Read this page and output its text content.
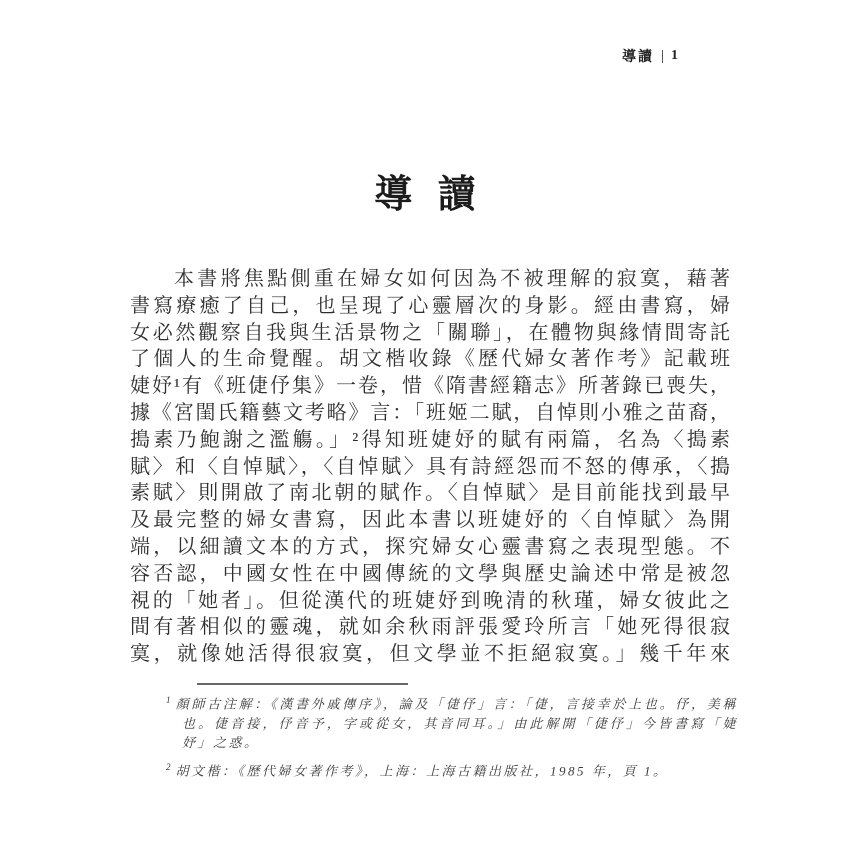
導讀 1
導 讀
本書將焦點側重在婦女如何因為不被理解的寂寞，藉著
書寫療癒了自己，也呈現了心靈層次的身影。經由書寫，婦
女必然觀察自我與生活景物之「關聯」，在體物與緣情間寄託
了個人的生命覺醒。胡文楷收錄《歷代婦女著作考》記載班
婕妤¹有《班倢伃集》一卷，惜《隋書經籍志》所著錄已喪失，
據《宮閨氏籍藝文考略》言：「班姬二賦，自悼則小雅之苗裔，
搗素乃鮑謝之濫觴。」²得知班婕妤的賦有兩篇，名為〈搗素
賦〉和〈自悼賦〉，〈自悼賦〉具有詩經怨而不怒的傳承，〈搗
素賦〉則開啟了南北朝的賦作。〈自悼賦〉是目前能找到最早
及最完整的婦女書寫，因此本書以班婕妤的〈自悼賦〉為開
端，以細讀文本的方式，探究婦女心靈書寫之表現型態。不
容否認，中國女性在中國傳統的文學與歷史論述中常是被忽
視的「她者」。但從漢代的班婕妤到晚清的秋瑾，婦女彼此之
間有著相似的靈魂，就如余秋雨評張愛玲所言「她死得很寂
寞，就像她活得很寂寞，但文學並不拒絕寂寞。」幾千年來
$^1$ 顏師古注解：《漢書外戚傳序》，論及「倢伃」言：「倢，言接幸於上也。伃，美稱也。倢音接，伃音予，字或從女，其音同耳。」由此解開「倢伃」今皆書寫「婕妤」之惑。
$^2$ 胡文楷：《歷代婦女著作考》，上海：上海古籍出版社，1985 年，頁 1。
